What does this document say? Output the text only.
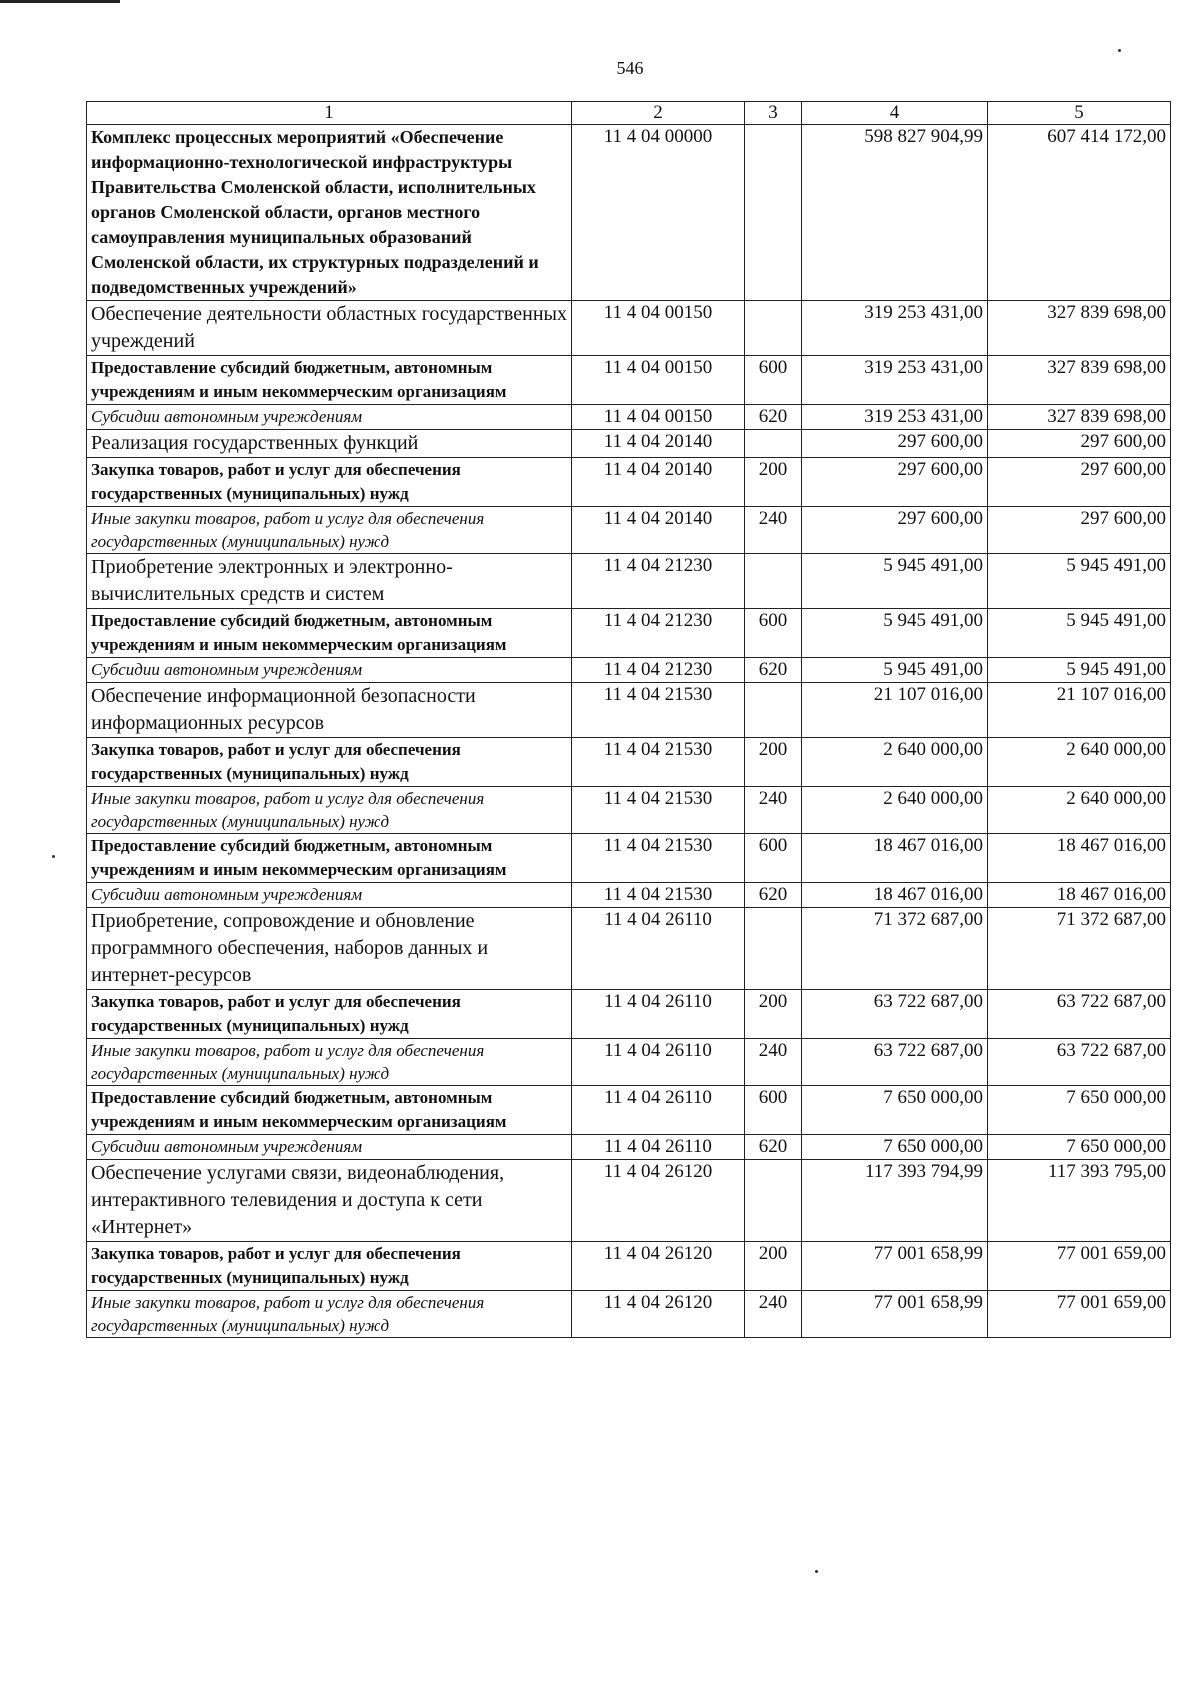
546
1	2	3	4	5
Комплекс процессных мероприятий «Обеспечение информационно-технологической инфраструктуры Правительства Смоленской области, исполнительных органов Смоленской области, органов местного самоуправления муниципальных образований Смоленской области, их структурных подразделений и подведомственных учреждений»	11 4 04 00000		598 827 904,99	607 414 172,00
Обеспечение деятельности областных государственных учреждений	11 4 04 00150		319 253 431,00	327 839 698,00
Предоставление субсидий бюджетным, автономным учреждениям и иным некоммерческим организациям	11 4 04 00150	600	319 253 431,00	327 839 698,00
Субсидии автономным учреждениям	11 4 04 00150	620	319 253 431,00	327 839 698,00
Реализация государственных функций	11 4 04 20140		297 600,00	297 600,00
Закупка товаров, работ и услуг для обеспечения государственных (муниципальных) нужд	11 4 04 20140	200	297 600,00	297 600,00
Иные закупки товаров, работ и услуг для обеспечения государственных (муниципальных) нужд	11 4 04 20140	240	297 600,00	297 600,00
Приобретение электронных и электронно-вычислительных средств и систем	11 4 04 21230		5 945 491,00	5 945 491,00
Предоставление субсидий бюджетным, автономным учреждениям и иным некоммерческим организациям	11 4 04 21230	600	5 945 491,00	5 945 491,00
Субсидии автономным учреждениям	11 4 04 21230	620	5 945 491,00	5 945 491,00
Обеспечение информационной безопасности информационных ресурсов	11 4 04 21530		21 107 016,00	21 107 016,00
Закупка товаров, работ и услуг для обеспечения государственных (муниципальных) нужд	11 4 04 21530	200	2 640 000,00	2 640 000,00
Иные закупки товаров, работ и услуг для обеспечения государственных (муниципальных) нужд	11 4 04 21530	240	2 640 000,00	2 640 000,00
Предоставление субсидий бюджетным, автономным учреждениям и иным некоммерческим организациям	11 4 04 21530	600	18 467 016,00	18 467 016,00
Субсидии автономным учреждениям	11 4 04 21530	620	18 467 016,00	18 467 016,00
Приобретение, сопровождение и обновление программного обеспечения, наборов данных и интернет-ресурсов	11 4 04 26110		71 372 687,00	71 372 687,00
Закупка товаров, работ и услуг для обеспечения государственных (муниципальных) нужд	11 4 04 26110	200	63 722 687,00	63 722 687,00
Иные закупки товаров, работ и услуг для обеспечения государственных (муниципальных) нужд	11 4 04 26110	240	63 722 687,00	63 722 687,00
Предоставление субсидий бюджетным, автономным учреждениям и иным некоммерческим организациям	11 4 04 26110	600	7 650 000,00	7 650 000,00
Субсидии автономным учреждениям	11 4 04 26110	620	7 650 000,00	7 650 000,00
Обеспечение услугами связи, видеонаблюдения, интерактивного телевидения и доступа к сети «Интернет»	11 4 04 26120		117 393 794,99	117 393 795,00
Закупка товаров, работ и услуг для обеспечения государственных (муниципальных) нужд	11 4 04 26120	200	77 001 658,99	77 001 659,00
Иные закупки товаров, работ и услуг для обеспечения государственных (муниципальных) нужд	11 4 04 26120	240	77 001 658,99	77 001 659,00
